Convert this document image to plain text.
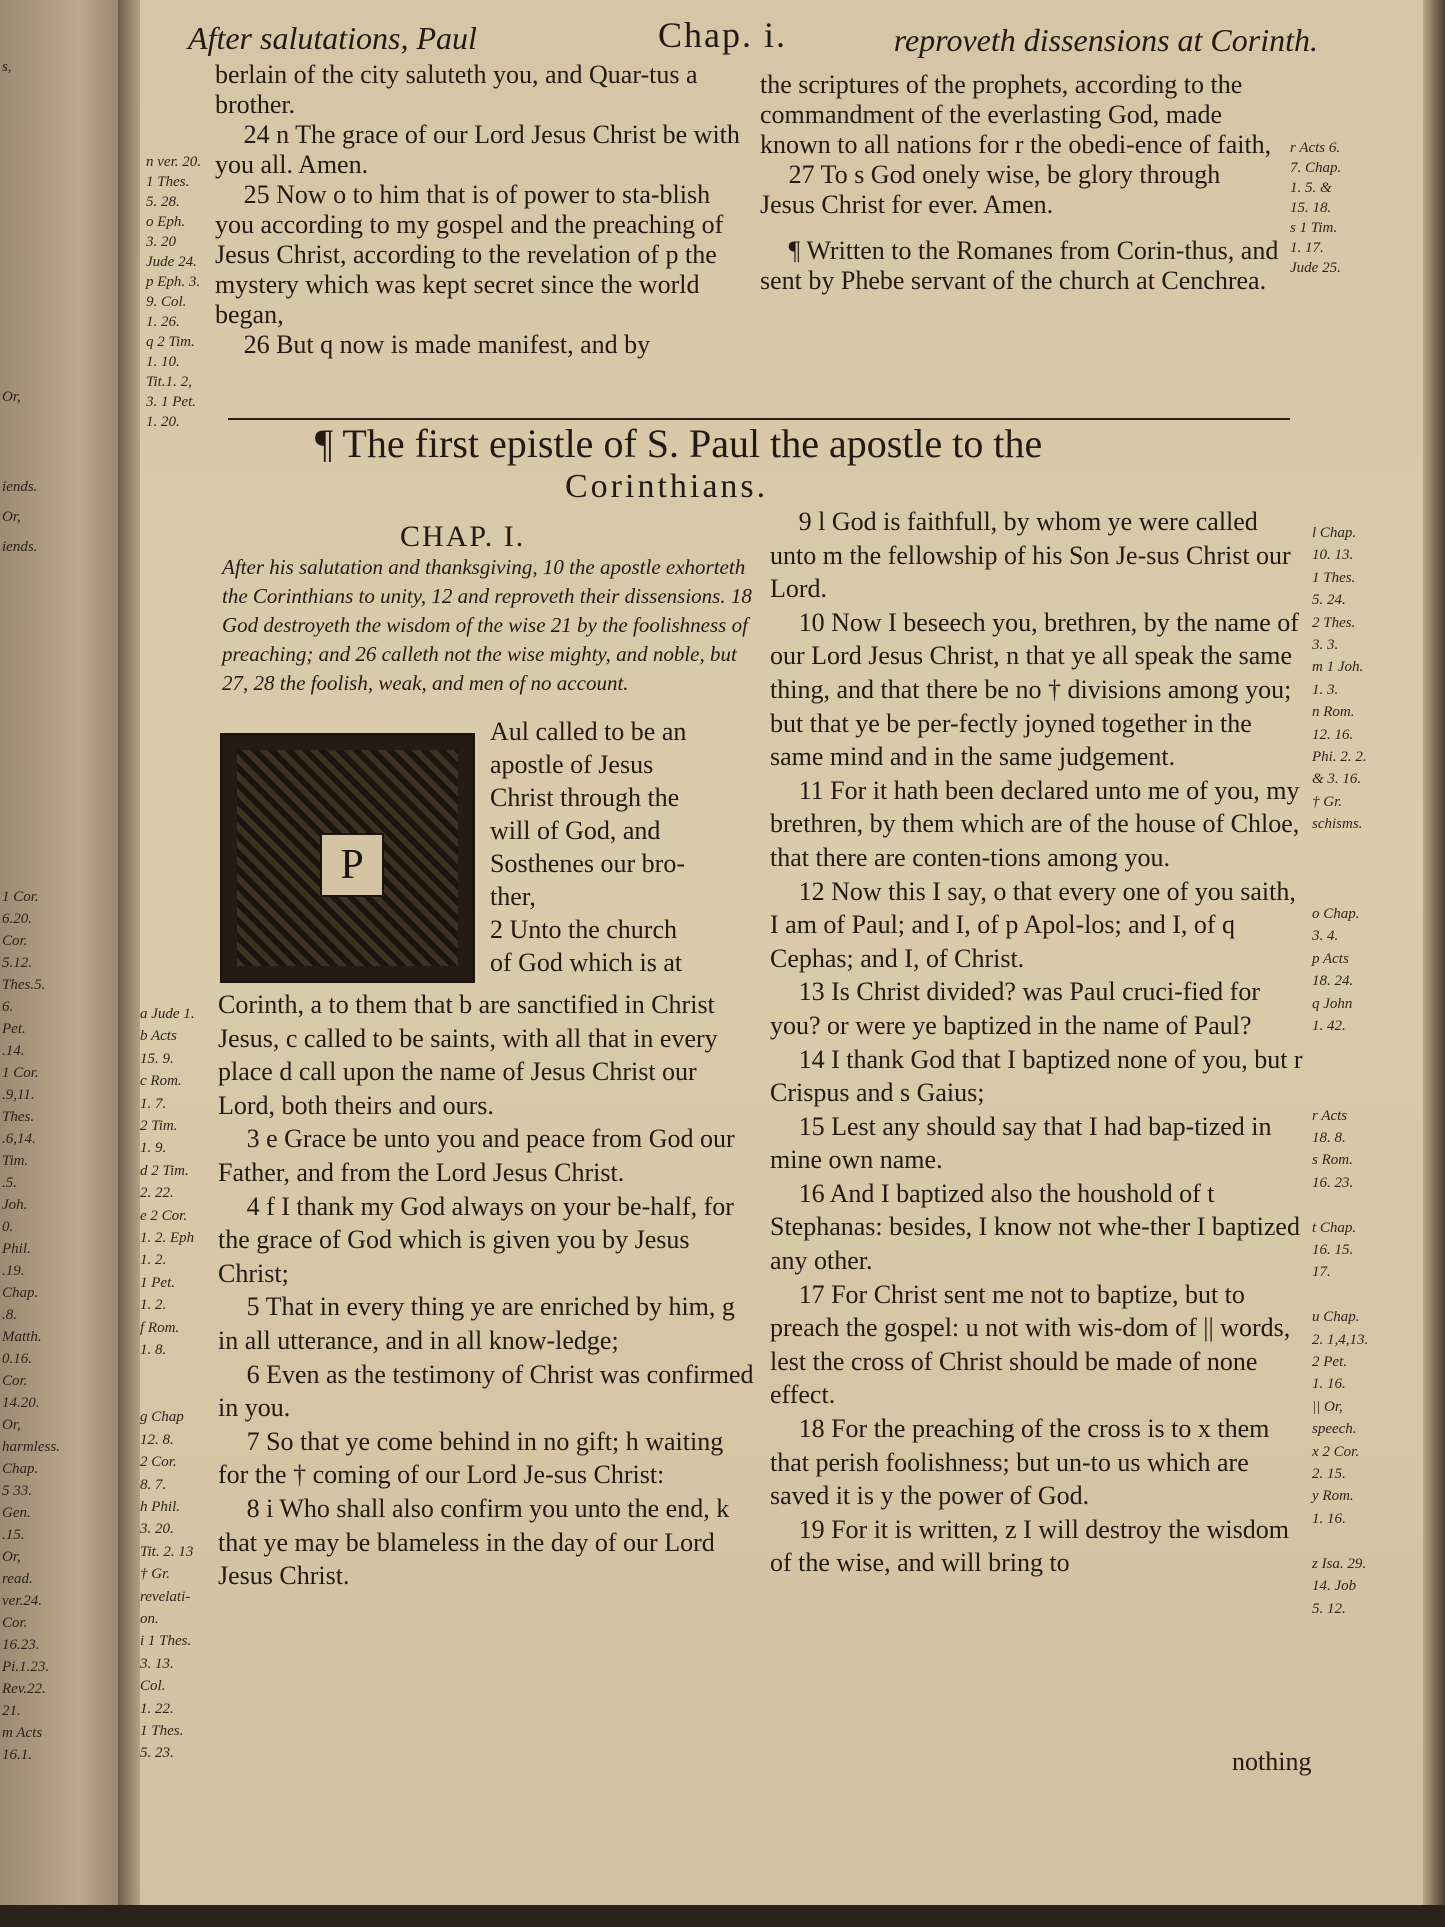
s,
Or,
iends.
Or,
iends.
1 Cor.
6.20.
Cor.
5.12.
Thes.5.
6.
Pet.
.14.
1 Cor.
.9,11.
Thes.
.6,14.
Tim.
.5.
Joh.
0.
Phil.
.19.
Chap.
.8.
Matth.
0.16.
Cor.
14.20.
Or,
harmless.
Chap.
5 33.
Gen.
.15.
Or,
read.
ver.24.
Cor.
16.23.
Pi.1.23.
Rev.22.
21.
m Acts
16.1.
After salutations, Paul	Chap. i.	reproveth dissensions at Corinth.
n ver. 20.
1 Thes.
5. 28.
o Eph.
3. 20
Jude 24.
p Eph. 3.
9. Col.
1. 26.
q 2 Tim.
1. 10.
Tit.1. 2,
3. 1 Pet.
1. 20.

berlain of the city saluteth you, and Quar-tus a brother.

24 n The grace of our Lord Jesus Christ be with you all. Amen.

25 Now o to him that is of power to sta-blish you according to my gospel and the preaching of Jesus Christ, according to the revelation of p the mystery which was kept secret since the world began,

26 But q now is made manifest, and by

the scriptures of the prophets, according to the commandment of the everlasting God, made known to all nations for r the obedi-ence of faith,

27 To s God onely wise, be glory through Jesus Christ for ever. Amen.

¶ Written to the Romanes from Corin-thus, and sent by Phebe servant of the church at Cenchrea.

r Acts 6.
7. Chap.
1. 5. &
15. 18.
s 1 Tim.
1. 17.
Jude 25.
¶ The first epistle of S. Paul the apostle to the
Corinthians.
CHAP. I.
After his salutation and thanksgiving, 10 the apostle exhorteth the Corinthians to unity, 12 and reproveth their dissensions. 18 God destroyeth the wisdom of the wise 21 by the foolishness of preaching; and 26 calleth not the wise mighty, and noble, but 27, 28 the foolish, weak, and men of no account.
P
Aul called to be an
apostle of Jesus
Christ through the
will of God, and
Sosthenes our bro-
ther,
2 Unto the church
of God which is at

Corinth, a to them that b are sanctified in Christ Jesus, c called to be saints, with all that in every place d call upon the name of Jesus Christ our Lord, both theirs and ours.

3 e Grace be unto you and peace from God our Father, and from the Lord Jesus Christ.

4 f I thank my God always on your be-half, for the grace of God which is given you by Jesus Christ;

5 That in every thing ye are enriched by him, g in all utterance, and in all know-ledge;

6 Even as the testimony of Christ was confirmed in you.

7 So that ye come behind in no gift; h waiting for the † coming of our Lord Je-sus Christ:

8 i Who shall also confirm you unto the end, k that ye may be blameless in the day of our Lord Jesus Christ.

a Jude 1.
b Acts
15. 9.
c Rom.
1. 7.
2 Tim.
1. 9.
d 2 Tim.
2. 22.
e 2 Cor.
1. 2. Eph
1. 2.
1 Pet.
1. 2.
f Rom.
1. 8.

g Chap
12. 8.
2 Cor.
8. 7.
h Phil.
3. 20.
Tit. 2. 13
† Gr.
revelati-
on.
i 1 Thes.
3. 13.
Col.
1. 22.
1 Thes.
5. 23.

9 l God is faithfull, by whom ye were called unto m the fellowship of his Son Je-sus Christ our Lord.

10 Now I beseech you, brethren, by the name of our Lord Jesus Christ, n that ye all speak the same thing, and that there be no † divisions among you; but that ye be per-fectly joyned together in the same mind and in the same judgement.

11 For it hath been declared unto me of you, my brethren, by them which are of the house of Chloe, that there are conten-tions among you.

12 Now this I say, o that every one of you saith, I am of Paul; and I, of p Apol-los; and I, of q Cephas; and I, of Christ.

13 Is Christ divided? was Paul cruci-fied for you? or were ye baptized in the name of Paul?

14 I thank God that I baptized none of you, but r Crispus and s Gaius;

15 Lest any should say that I had bap-tized in mine own name.

16 And I baptized also the houshold of t Stephanas: besides, I know not whe-ther I baptized any other.

17 For Christ sent me not to baptize, but to preach the gospel: u not with wis-dom of || words, lest the cross of Christ should be made of none effect.

18 For the preaching of the cross is to x them that perish foolishness; but un-to us which are saved it is y the power of God.

19 For it is written, z I will destroy the wisdom of the wise, and will bring to

l Chap.
10. 13.
1 Thes.
5. 24.
2 Thes.
3. 3.
m 1 Joh.
1. 3.
n Rom.
12. 16.
Phi. 2. 2.
& 3. 16.
† Gr.
schisms.

o Chap.
3. 4.
p Acts
18. 24.
q John
1. 42.

r Acts
18. 8.
s Rom.
16. 23.

t Chap.
16. 15.
17.

u Chap.
2. 1,4,13.
2 Pet.
1. 16.
|| Or,
speech.
x 2 Cor.
2. 15.
y Rom.
1. 16.

z Isa. 29.
14. Job
5. 12.
nothing
